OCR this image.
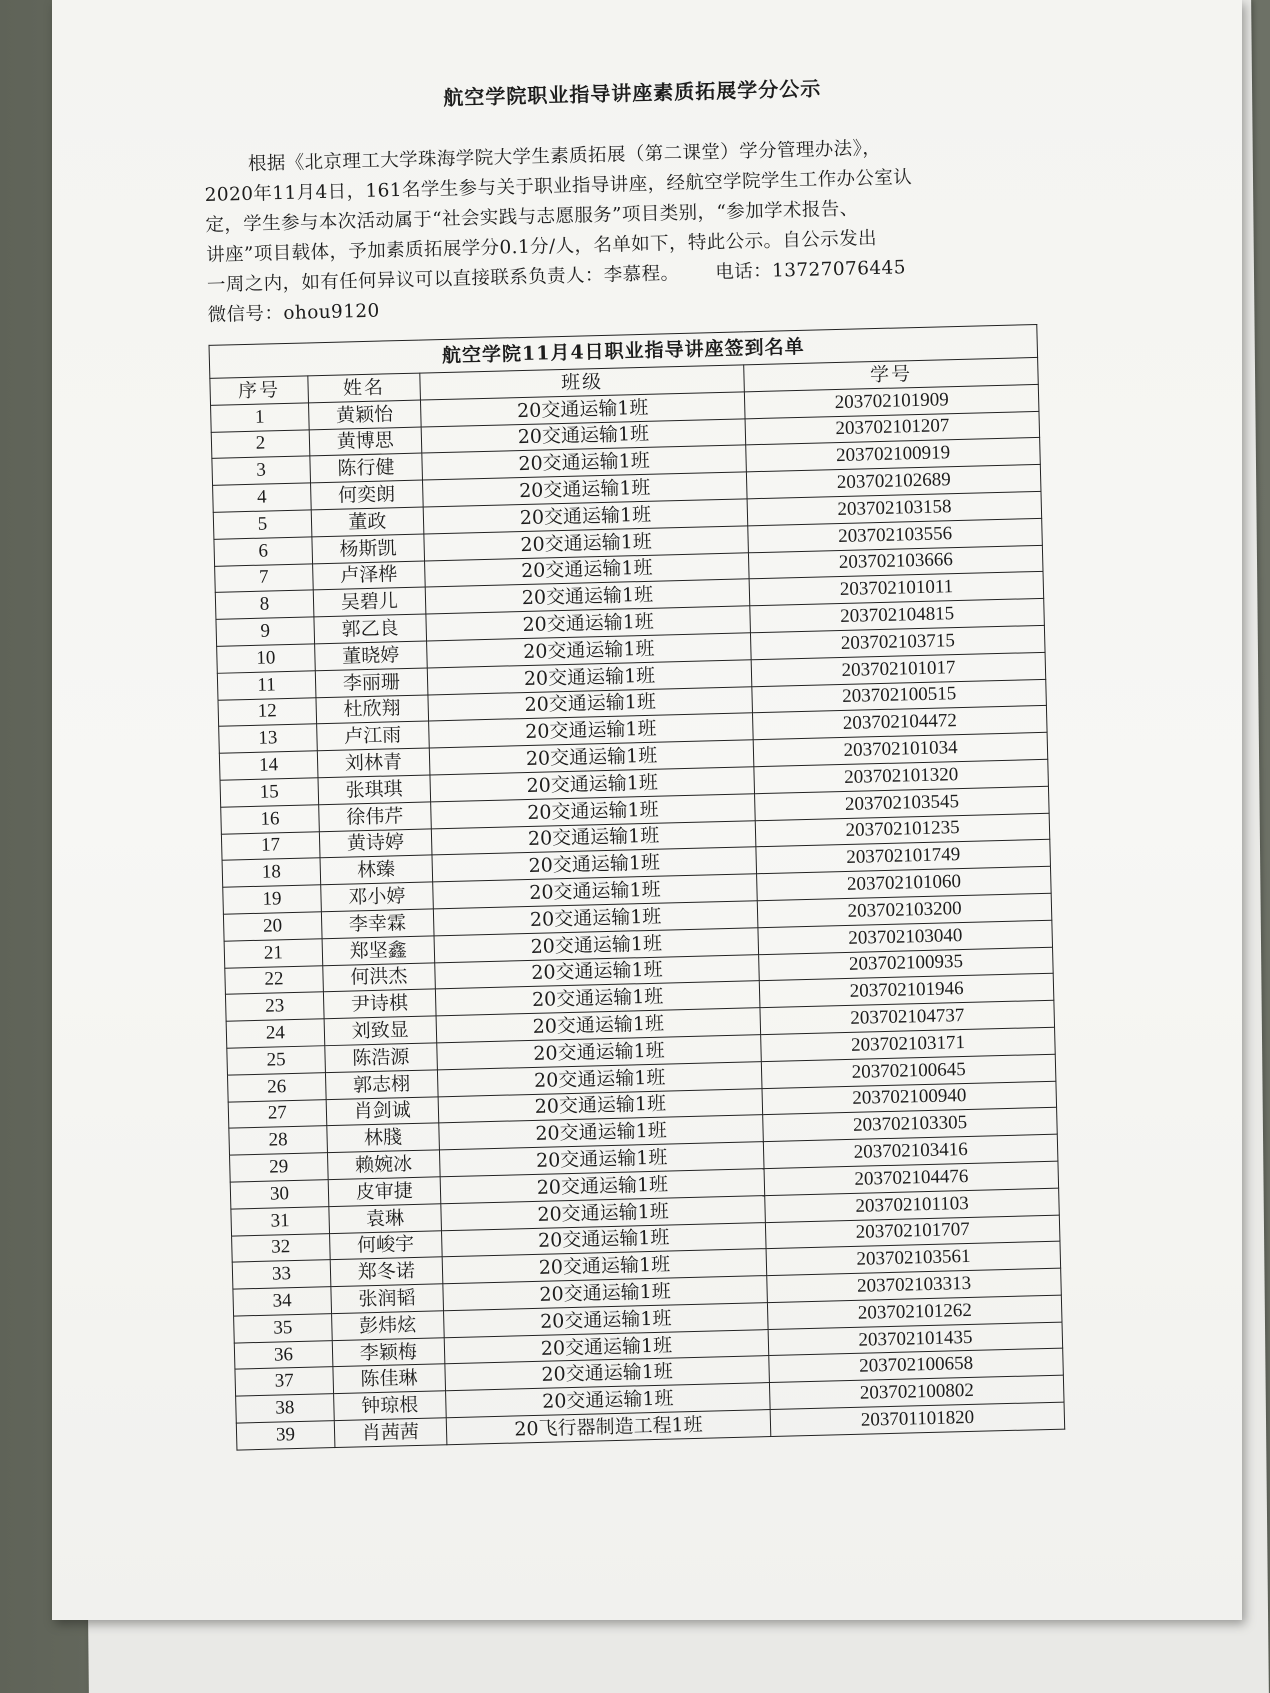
航空学院职业指导讲座素质拓展学分公示

根据《北京理工大学珠海学院大学生素质拓展（第二课堂）学分管理办法》，
2020年11月4日，161名学生参与关于职业指导讲座，经航空学院学生工作办公室认
定，学生参与本次活动属于“社会实践与志愿服务”项目类别，“参加学术报告、
讲座”项目载体，予加素质拓展学分0.1分/人，名单如下，特此公示。自公示发出
一周之内，如有任何异议可以直接联系负责人：李慕程。 电话：13727076445
微信号：ohou9120

航空学院11月4日职业指导讲座签到名单			
序号	姓名	班级	学号
1	黄颖怡	20交通运输1班	203702101909
2	黄博思	20交通运输1班	203702101207
3	陈行健	20交通运输1班	203702100919
4	何奕朗	20交通运输1班	203702102689
5	董政	20交通运输1班	203702103158
6	杨斯凯	20交通运输1班	203702103556
7	卢泽桦	20交通运输1班	203702103666
8	吴碧儿	20交通运输1班	203702101011
9	郭乙良	20交通运输1班	203702104815
10	董晓婷	20交通运输1班	203702103715
11	李丽珊	20交通运输1班	203702101017
12	杜欣翔	20交通运输1班	203702100515
13	卢江雨	20交通运输1班	203702104472
14	刘林青	20交通运输1班	203702101034
15	张琪琪	20交通运输1班	203702101320
16	徐伟芹	20交通运输1班	203702103545
17	黄诗婷	20交通运输1班	203702101235
18	林臻	20交通运输1班	203702101749
19	邓小婷	20交通运输1班	203702101060
20	李幸霖	20交通运输1班	203702103200
21	郑坚鑫	20交通运输1班	203702103040
22	何洪杰	20交通运输1班	203702100935
23	尹诗棋	20交通运输1班	203702101946
24	刘致显	20交通运输1班	203702104737
25	陈浩源	20交通运输1班	203702103171
26	郭志栩	20交通运输1班	203702100645
27	肖剑诚	20交通运输1班	203702100940
28	林䏼	20交通运输1班	203702103305
29	赖婉冰	20交通运输1班	203702103416
30	皮审捷	20交通运输1班	203702104476
31	袁琳	20交通运输1班	203702101103
32	何峻宇	20交通运输1班	203702101707
33	郑冬诺	20交通运输1班	203702103561
34	张润韬	20交通运输1班	203702103313
35	彭炜炫	20交通运输1班	203702101262
36	李颖梅	20交通运输1班	203702101435
37	陈佳琳	20交通运输1班	203702100658
38	钟琼根	20交通运输1班	203702100802
39	肖茜茜	20飞行器制造工程1班	203701101820
